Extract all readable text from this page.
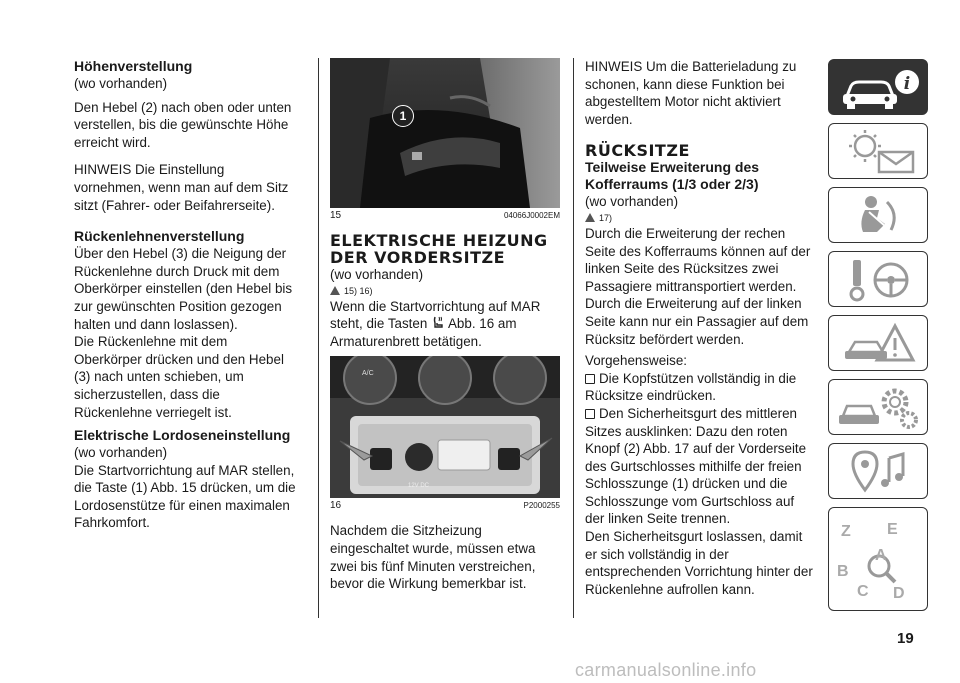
Höhenverstellung

(wo vorhanden)

Den Hebel (2) nach oben oder unten verstellen, bis die gewünschte Höhe erreicht wird.

HINWEIS Die Einstellung vornehmen, wenn man auf dem Sitz sitzt (Fahrer- oder Beifahrerseite).

Rückenlehnenverstellung

Über den Hebel (3) die Neigung der Rückenlehne durch Druck mit dem Oberkörper einstellen (den Hebel bis zur gewünschten Position gezogen halten und dann loslassen).

Die Rückenlehne mit dem Oberkörper drücken und den Hebel (3) nach unten schieben, um sicherzustellen, dass die Rückenlehne verriegelt ist.

Elektrische Lordoseneinstellung

(wo vorhanden)

Die Startvorrichtung auf MAR stellen, die Taste (1) Abb. 15 drücken, um die Lordosenstütze für einen maximalen Fahrkomfort.

1
15	04066J0002EM

ELEKTRISCHE HEIZUNG DER VORDERSITZE

(wo vorhanden)

15) 16)

Wenn die Startvorrichtung auf MAR steht, die Tasten Abb. 16 am Armaturenbrett betätigen.

A/C
12V DC
16	P2000255

Nachdem die Sitzheizung eingeschaltet wurde, müssen etwa zwei bis fünf Minuten verstreichen, bevor die Wirkung bemerkbar ist.

HINWEIS Um die Batterieladung zu schonen, kann diese Funktion bei abgestelltem Motor nicht aktiviert werden.

RÜCKSITZE

Teilweise Erweiterung des Kofferraums (1/3 oder 2/3)

(wo vorhanden)

17)

Durch die Erweiterung der rechen Seite des Kofferraums können auf der linken Seite des Rücksitzes zwei Passagiere mittransportiert werden. Durch die Erweiterung auf der linken Seite kann nur ein Passagier auf dem Rücksitz befördert werden.

Vorgehensweise:

Die Kopfstützen vollständig in die Rücksitze eindrücken.

Den Sicherheitsgurt des mittleren Sitzes ausklinken: Dazu den roten Knopf (2) Abb. 17 auf der Vorderseite des Gurtschlosses mithilfe der freien Schlosszunge (1) drücken und die Schlosszunge vom Gurtschloss auf der linken Seite trennen.

Den Sicherheitsgurt loslassen, damit er sich vollständig in der entsprechenden Vorrichtung hinter der Rückenlehne aufrollen kann.

i
Z E
A
B
C D
19
carmanualsonline.info
